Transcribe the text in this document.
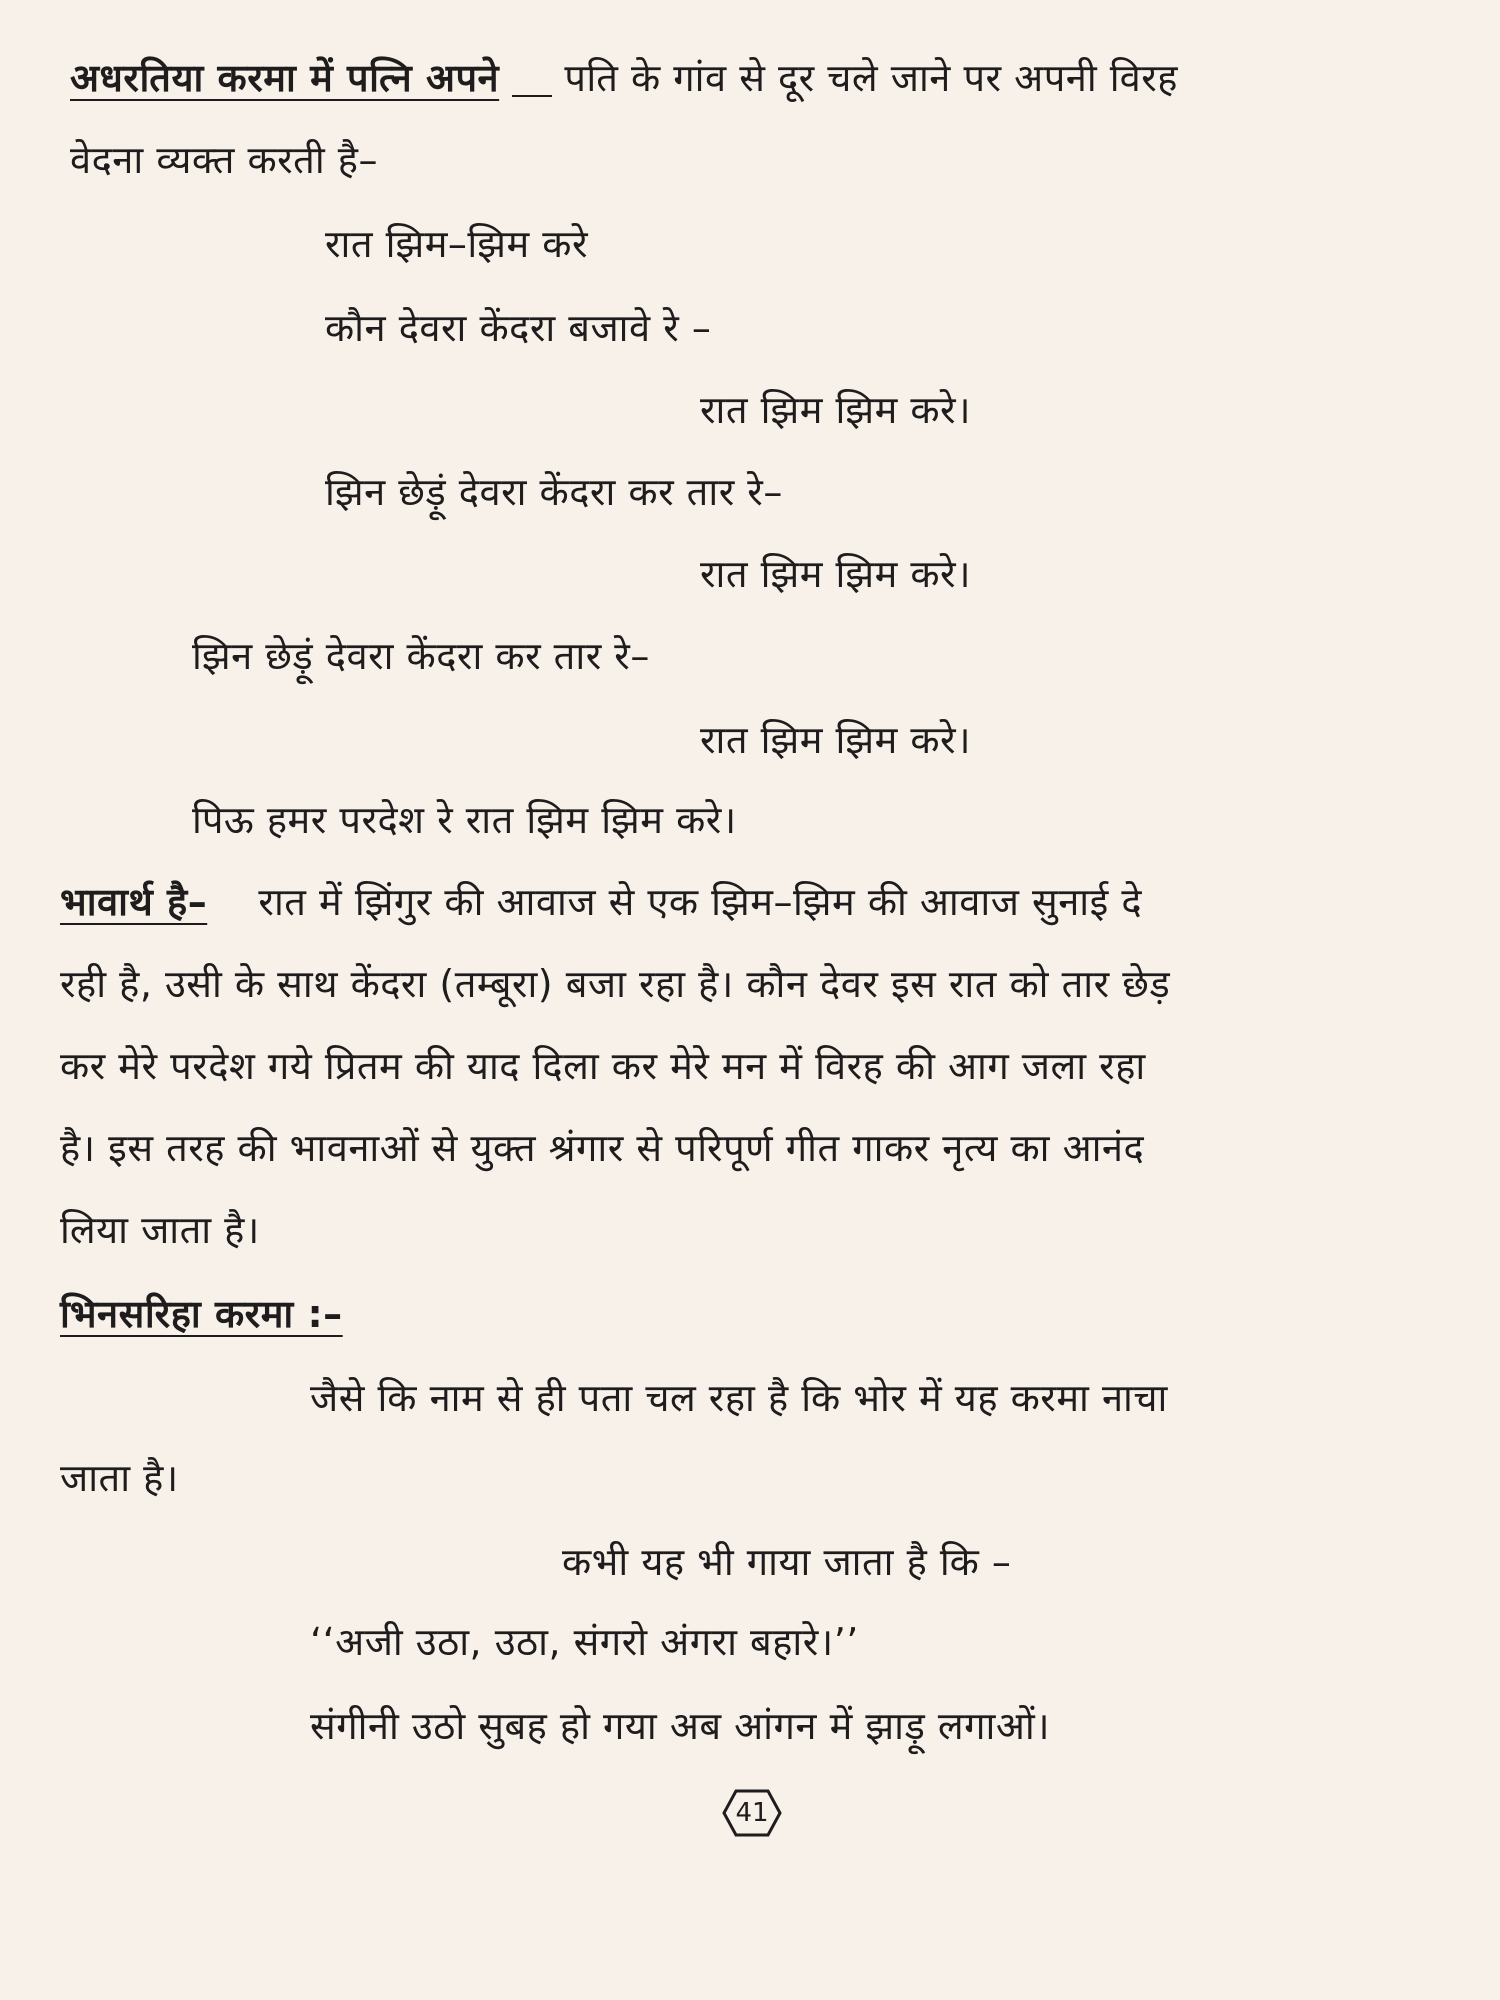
अधरतिया करमा में पत्नि अपने पति के गांव से दूर चले जाने पर अपनी विरह
वेदना व्यक्त करती है–
रात झिम–झिम करे
कौन देवरा केंदरा बजावे रे –
रात झिम झिम करे।
झिन छेड़ूं देवरा केंदरा कर तार रे–
रात झिम झिम करे।
झिन छेड़ूं देवरा केंदरा कर तार रे–
रात झिम झिम करे।
पिऊ हमर परदेश रे रात झिम झिम करे।
भावार्थ है– रात में झिंगुर की आवाज से एक झिम–झिम की आवाज सुनाई दे
रही है, उसी के साथ केंदरा (तम्बूरा) बजा रहा है। कौन देवर इस रात को तार छेड़
कर मेरे परदेश गये प्रितम की याद दिला कर मेरे मन में विरह की आग जला रहा
है। इस तरह की भावनाओं से युक्त श्रंगार से परिपूर्ण गीत गाकर नृत्य का आनंद
लिया जाता है।
भिनसरिहा करमा :–
जैसे कि नाम से ही पता चल रहा है कि भोर में यह करमा नाचा
जाता है।
कभी यह भी गाया जाता है कि –
‘‘अजी उठा, उठा, संगरो अंगरा बहारे।’’
संगीनी उठो सुबह हो गया अब आंगन में झाड़ू लगाओं।
41
